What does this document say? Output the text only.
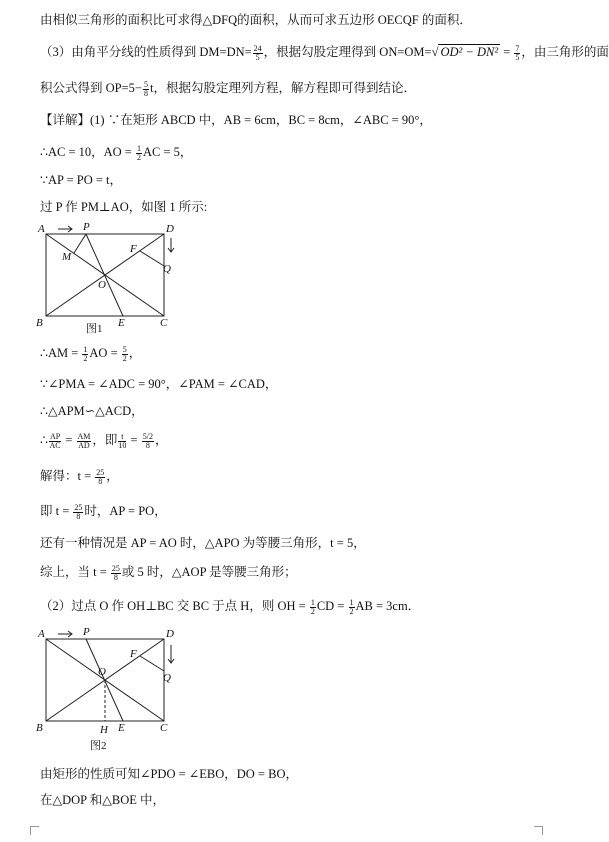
由相似三角形的面积比可求得△DFQ的面积，从而可求五边形 OECQF 的面积．
（3）由角平分线的性质得到 $DM=DN= \frac{24}{5}$ ，根据勾股定理得到 ON=OM=√ $OD^2 - DN^2 = \frac{7}{5}$ ，由三角形的面
积公式得到 $OP=5- \frac{5}{8}$ t，根据勾股定理列方程，解方程即可得到结论．
【详解】(1) ∵在矩形 ABCD 中，AB = 6cm，BC = 8cm，∠ABC = 90°，
∴AC = 10，AO = $\frac{1}{2}$ AC = 5，
∵AP = PO = t，
过 P 作 PM⊥AO，如图 1 所示:
A	P	D
M
F
Q
O
B	E	C
图1
∴AM = $\frac{1}{2}$ AO = $\frac{5}{2}$ ，
∵∠PMA = ∠ADC = 90°，∠PAM = ∠CAD，
∴△APM∽△ACD，
∴ $\frac{AP}{AC} = \frac{AM}{AD}$ ，即 $\frac{t}{10} = \frac{5/2}{8}$ ，
解得：$t = \frac{25}{8}$ ，
即 $t = \frac{25}{8}$ 时，AP = PO，
还有一种情况是 AP = AO 时，△APO 为等腰三角形，t = 5，
综上，当 $t = \frac{25}{8}$ 或 5 时，△AOP 是等腰三角形；
（2）过点 O 作 OH⊥BC 交 BC 于点 H，则 OH = $\frac{1}{2}$ CD = $\frac{1}{2}$ AB = 3cm．
A	P	D
F
Q
O
B	H E	C
图2
由矩形的性质可知∠PDO = ∠EBO，DO = BO，
在△DOP 和△BOE 中，
